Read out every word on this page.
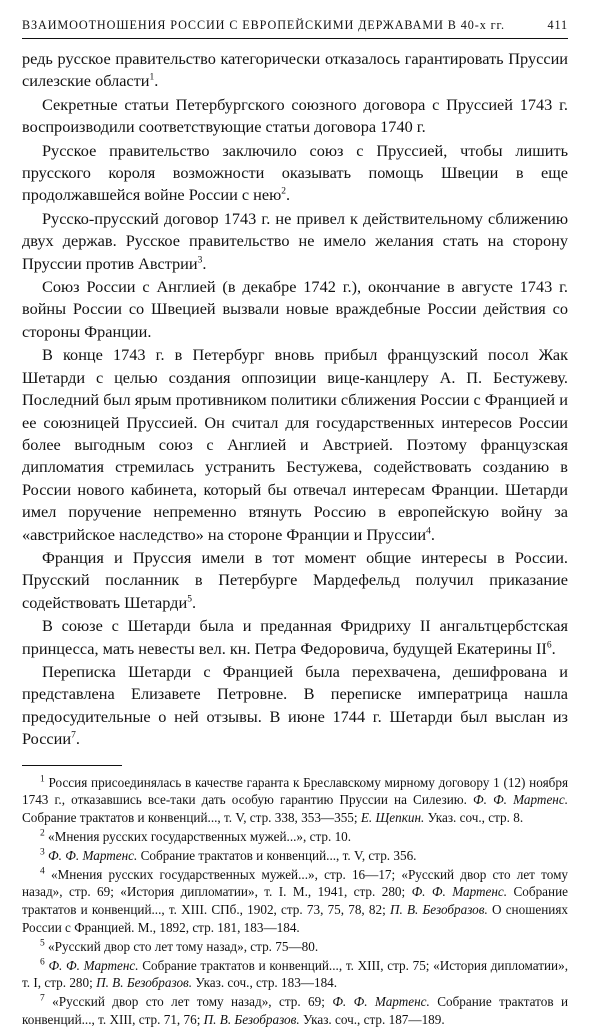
ВЗАИМООТНОШЕНИЯ РОССИИ С ЕВРОПЕЙСКИМИ ДЕРЖАВАМИ В 40-х гг.	411

редь русское правительство категорически отказалось гарантировать Пруссии силезские области$^1$.

Секретные статьи Петербургского союзного договора с Пруссией 1743 г. воспроизводили соответствующие статьи договора 1740 г.

Русское правительство заключило союз с Пруссией, чтобы лишить прусского короля возможности оказывать помощь Швеции в еще продолжавшейся войне России с нею$^2$.

Русско-прусский договор 1743 г. не привел к действительному сближению двух держав. Русское правительство не имело желания стать на сторону Пруссии против Австрии$^3$.

Союз России с Англией (в декабре 1742 г.), окончание в августе 1743 г. войны России со Швецией вызвали новые враждебные России действия со стороны Франции.

В конце 1743 г. в Петербург вновь прибыл французский посол Жак Шетарди с целью создания оппозиции вице-канцлеру А. П. Бестужеву. Последний был ярым противником политики сближения России с Францией и ее союзницей Пруссией. Он считал для государственных интересов России более выгодным союз с Англией и Австрией. Поэтому французская дипломатия стремилась устранить Бестужева, содействовать созданию в России нового кабинета, который бы отвечал интересам Франции. Шетарди имел поручение непременно втянуть Россию в европейскую войну за «австрийское наследство» на стороне Франции и Пруссии$^4$.

Франция и Пруссия имели в тот момент общие интересы в России. Прусский посланник в Петербурге Мардефельд получил приказание содействовать Шетарди$^5$.

В союзе с Шетарди была и преданная Фридриху II ангальтцербстская принцесса, мать невесты вел. кн. Петра Федоровича, будущей Екатерины $II^6$.

Переписка Шетарди с Францией была перехвачена, дешифрована и представлена Елизавете Петровне. В переписке императрица нашла предосудительные о ней отзывы. В июне 1744 г. Шетарди был выслан из России$^7$.

$^1$ Россия присоединялась в качестве гаранта к Бреславскому мирному договору 1 (12) ноября 1743 г., отказавшись все-таки дать особую гарантию Пруссии на Силезию. Ф. Ф. Мартенс. Собрание трактатов и конвенций..., т. V, стр. 338, 353—355; Е. Щепкин. Указ. соч., стр. 8.

$^2$ «Мнения русских государственных мужей...», стр. 10.

$^3$ Ф. Ф. Мартенс. Собрание трактатов и конвенций..., т. V, стр. 356.

$^4$ «Мнения русских государственных мужей...», стр. 16—17; «Русский двор сто лет тому назад», стр. 69; «История дипломатии», т. I. М., 1941, стр. 280; Ф. Ф. Мартенс. Собрание трактатов и конвенций..., т. XIII. СПб., 1902, стр. 73, 75, 78, 82; П. В. Безобразов. О сношениях России с Францией. М., 1892, стр. 181, 183—184.

$^5$ «Русский двор сто лет тому назад», стр. 75—80.

$^6$ Ф. Ф. Мартенс. Собрание трактатов и конвенций..., т. XIII, стр. 75; «История дипломатии», т. I, стр. 280; П. В. Безобразов. Указ. соч., стр. 183—184.

$^7$ «Русский двор сто лет тому назад», стр. 69; Ф. Ф. Мартенс. Собрание трактатов и конвенций..., т. XIII, стр. 71, 76; П. В. Безобразов. Указ. соч., стр. 187—189.
